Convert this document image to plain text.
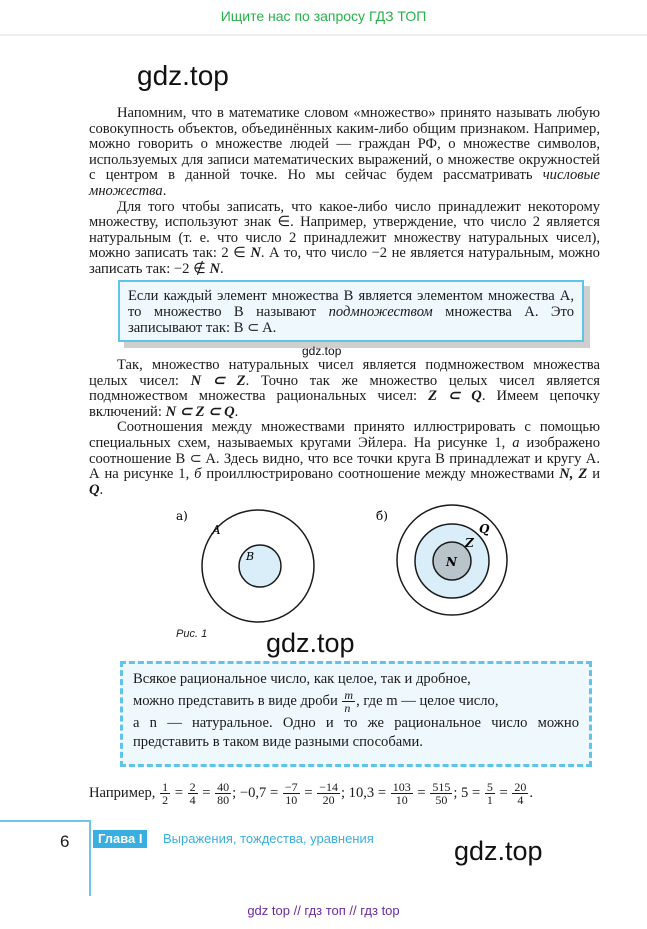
Ищите нас по запросу ГДЗ ТОП
gdz.top

Напомним, что в математике словом «множество» принято называть любую совокупность объектов, объединённых каким-либо общим признаком. Например, можно говорить о множестве людей — граждан РФ, о множестве символов, используемых для записи математических выражений, о множестве окружностей с центром в данной точке. Но мы сейчас будем рассматривать числовые множества.

Для того чтобы записать, что какое-либо число принадлежит некоторому множеству, используют знак ∈. Например, утверждение, что число 2 является натуральным (т. е. что число 2 принадлежит множеству натуральных чисел), можно записать так: 2 ∈ N. А то, что число −2 не является натуральным, можно записать так: −2 ∉ N.

Если каждый элемент множества B является элементом множества A, то множество B называют подмножеством множества A. Это записывают так: B ⊂ A.
gdz.top

Так, множество натуральных чисел является подмножеством множества целых чисел: N ⊂ Z. Точно так же множество целых чисел является подмножеством множества рациональных чисел: Z ⊂ Q. Имеем цепочку включений: N ⊂ Z ⊂ Q.

Соотношения между множествами принято иллюстрировать с помощью специальных схем, называемых кругами Эйлера. На рисунке 1, а изображено соотношение B ⊂ A. Здесь видно, что все точки круга B принадлежат и кругу A. А на рисунке 1, б проиллюстрировано соотношение между множествами N, Z и Q.

а)
A
B
б)
N
Z
Q
Рис. 1 gdz.top
Всякое рациональное число, как целое, так и дробное,
можно представить в виде дроби $\frac{m}{n}$ , где m — целое число,
а n — натуральное. Одно и то же рациональное число можно представить в таком виде разными способами.
Например, $\frac{1}{2} = \frac{2}{4} = \frac{40}{80}$ ; $-0,7 = \frac{-7}{10} = \frac{-14}{20}$ ; $10,3 = \frac{103}{10} = \frac{515}{50}$ ; $5 = \frac{5}{1} = \frac{20}{4}$ .
6	Глава I	Выражения, тождества, уравнения	gdz.top
gdz top // гдз топ // гдз top
